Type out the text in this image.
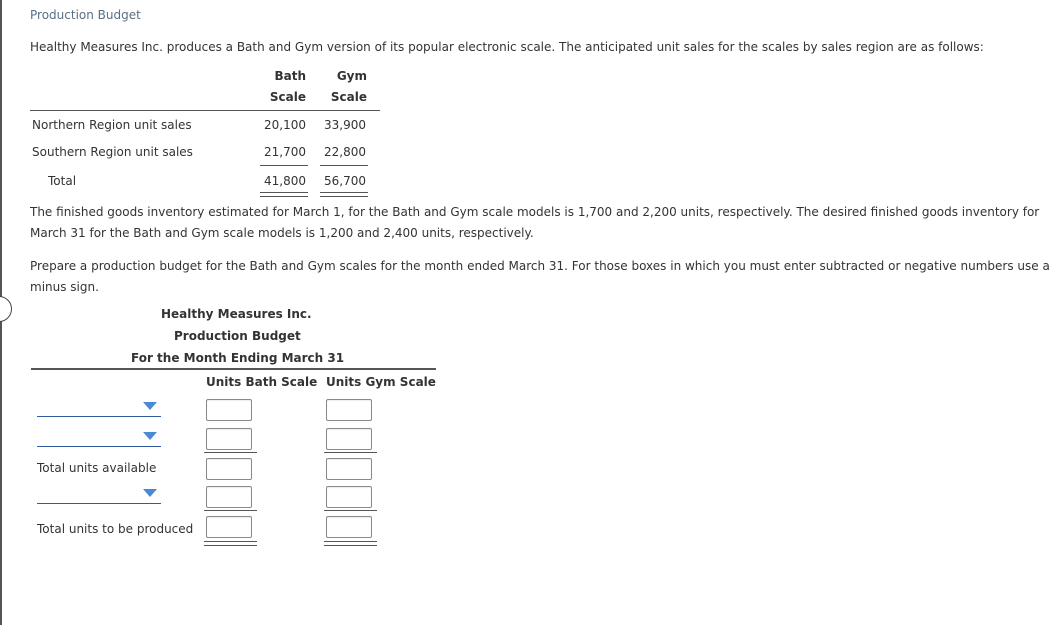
Production Budget
Healthy Measures Inc. produces a Bath and Gym version of its popular electronic scale. The anticipated unit sales for the scales by sales region are as follows:
Bath
Scale
Gym
Scale
Northern Region unit sales	20,100	33,900
Southern Region unit sales	21,700	22,800
Total	41,800	56,700
The finished goods inventory estimated for March 1, for the Bath and Gym scale models is 1,700 and 2,200 units, respectively. The desired finished goods inventory for March 31 for the Bath and Gym scale models is 1,200 and 2,400 units, respectively.
Prepare a production budget for the Bath and Gym scales for the month ended March 31. For those boxes in which you must enter subtracted or negative numbers use a minus sign.
Healthy Measures Inc.
Production Budget
For the Month Ending March 31
Units Bath Scale Units Gym Scale
Total units available
Total units to be produced
